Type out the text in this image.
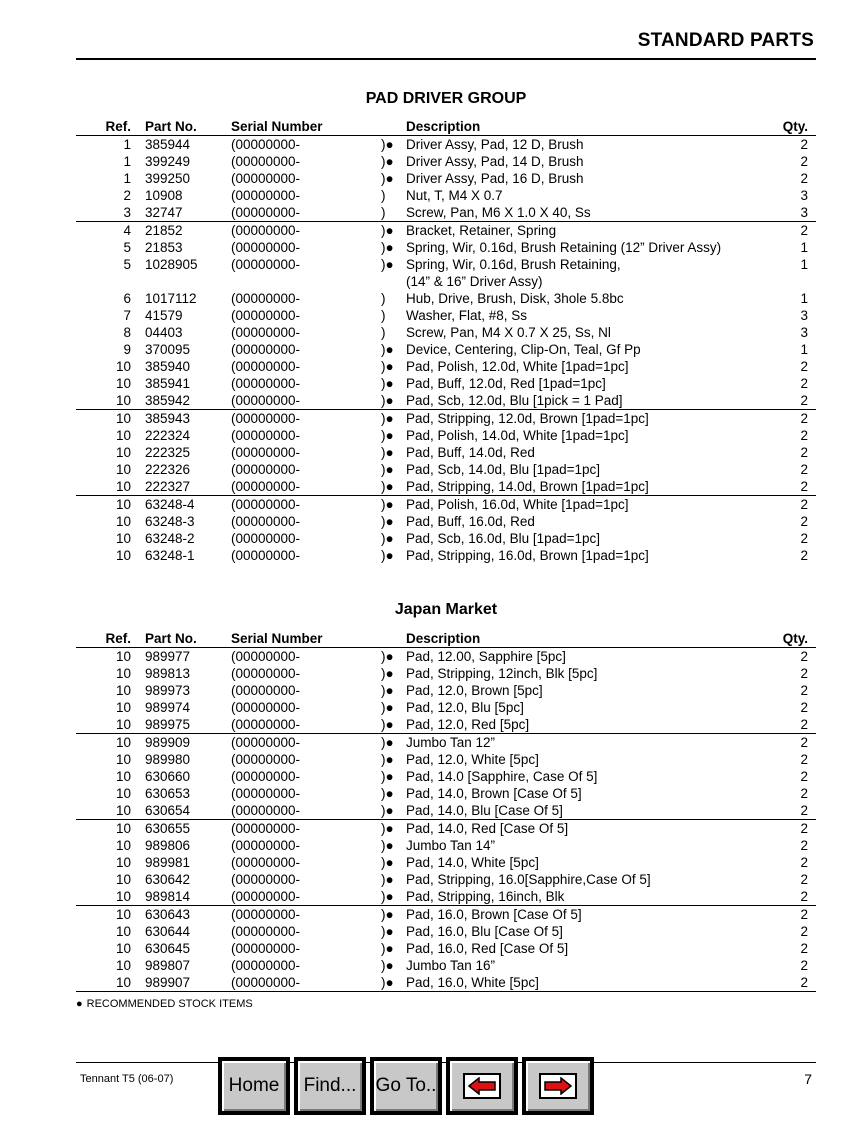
STANDARD PARTS
PAD DRIVER GROUP
Ref.	Part No.	Serial Number		Description	Qty.
1	385944	(00000000-	)●	Driver Assy, Pad, 12 D, Brush	2
1	399249	(00000000-	)●	Driver Assy, Pad, 14 D, Brush	2
1	399250	(00000000-	)●	Driver Assy, Pad, 16 D, Brush	2
2	10908	(00000000-	)	Nut, T, M4 X 0.7	3
3	32747	(00000000-	)	Screw, Pan, M6 X 1.0 X 40, Ss	3
4	21852	(00000000-	)●	Bracket, Retainer, Spring	2
5	21853	(00000000-	)●	Spring, Wir, 0.16d, Brush Retaining (12” Driver Assy)	1
5	1028905	(00000000-	)●	Spring, Wir, 0.16d, Brush Retaining,
(14” & 16” Driver Assy)	1
6	1017112	(00000000-	)	Hub, Drive, Brush, Disk, 3hole 5.8bc	1
7	41579	(00000000-	)	Washer, Flat, #8, Ss	3
8	04403	(00000000-	)	Screw, Pan, M4 X 0.7 X 25, Ss, Nl	3
9	370095	(00000000-	)●	Device, Centering, Clip-On, Teal, Gf Pp	1
10	385940	(00000000-	)●	Pad, Polish, 12.0d, White [1pad=1pc]	2
10	385941	(00000000-	)●	Pad, Buff, 12.0d, Red [1pad=1pc]	2
10	385942	(00000000-	)●	Pad, Scb, 12.0d, Blu [1pick = 1 Pad]	2
10	385943	(00000000-	)●	Pad, Stripping, 12.0d, Brown [1pad=1pc]	2
10	222324	(00000000-	)●	Pad, Polish, 14.0d, White [1pad=1pc]	2
10	222325	(00000000-	)●	Pad, Buff, 14.0d, Red	2
10	222326	(00000000-	)●	Pad, Scb, 14.0d, Blu [1pad=1pc]	2
10	222327	(00000000-	)●	Pad, Stripping, 14.0d, Brown [1pad=1pc]	2
10	63248-4	(00000000-	)●	Pad, Polish, 16.0d, White [1pad=1pc]	2
10	63248-3	(00000000-	)●	Pad, Buff, 16.0d, Red	2
10	63248-2	(00000000-	)●	Pad, Scb, 16.0d, Blu [1pad=1pc]	2
10	63248-1	(00000000-	)●	Pad, Stripping, 16.0d, Brown [1pad=1pc]	2
Japan Market
Ref.	Part No.	Serial Number		Description	Qty.
10	989977	(00000000-	)●	Pad, 12.00, Sapphire [5pc]	2
10	989813	(00000000-	)●	Pad, Stripping, 12inch, Blk [5pc]	2
10	989973	(00000000-	)●	Pad, 12.0, Brown [5pc]	2
10	989974	(00000000-	)●	Pad, 12.0, Blu [5pc]	2
10	989975	(00000000-	)●	Pad, 12.0, Red [5pc]	2
10	989909	(00000000-	)●	Jumbo Tan 12”	2
10	989980	(00000000-	)●	Pad, 12.0, White [5pc]	2
10	630660	(00000000-	)●	Pad, 14.0 [Sapphire, Case Of 5]	2
10	630653	(00000000-	)●	Pad, 14.0, Brown [Case Of 5]	2
10	630654	(00000000-	)●	Pad, 14.0, Blu [Case Of 5]	2
10	630655	(00000000-	)●	Pad, 14.0, Red [Case Of 5]	2
10	989806	(00000000-	)●	Jumbo Tan 14”	2
10	989981	(00000000-	)●	Pad, 14.0, White [5pc]	2
10	630642	(00000000-	)●	Pad, Stripping, 16.0[Sapphire,Case Of 5]	2
10	989814	(00000000-	)●	Pad, Stripping, 16inch, Blk	2
10	630643	(00000000-	)●	Pad, 16.0, Brown [Case Of 5]	2
10	630644	(00000000-	)●	Pad, 16.0, Blu [Case Of 5]	2
10	630645	(00000000-	)●	Pad, 16.0, Red [Case Of 5]	2
10	989807	(00000000-	)●	Jumbo Tan 16”	2
10	989907	(00000000-	)●	Pad, 16.0, White [5pc]	2
● RECOMMENDED STOCK ITEMS
Tennant T5 (06-07)	7
Home	Find...	Go To..
